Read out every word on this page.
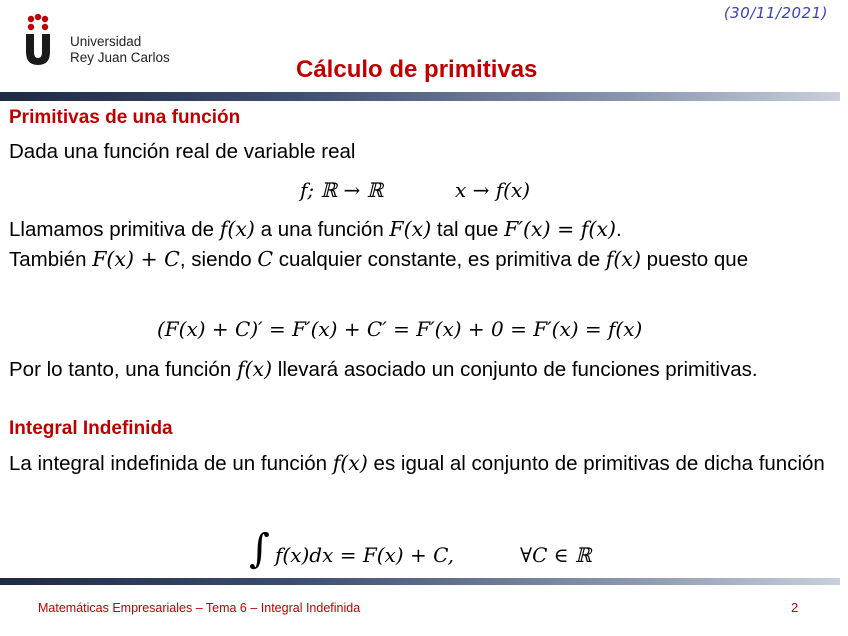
Universidad
Rey Juan Carlos
(30/11/2021)
Cálculo de primitivas
Primitivas de una función
Dada una función real de variable real
f; ℝ → ℝ	x → f(x)
Llamamos primitiva de f(x) a una función F(x) tal que F′(x) = f(x).
También F(x) + C, siendo C cualquier constante, es primitiva de f(x) puesto que
(F(x) + C)′ = F′(x) + C′ = F′(x) + 0 = F′(x) = f(x)
Por lo tanto, una función f(x) llevará asociado un conjunto de funciones primitivas.
Integral Indefinida
La integral indefinida de un función f(x) es igual al conjunto de primitivas de dicha función
∫ f(x)dx = F(x) + C,	∀C ∈ ℝ
Matemáticas Empresariales – Tema 6 – Integral Indefinida	2
